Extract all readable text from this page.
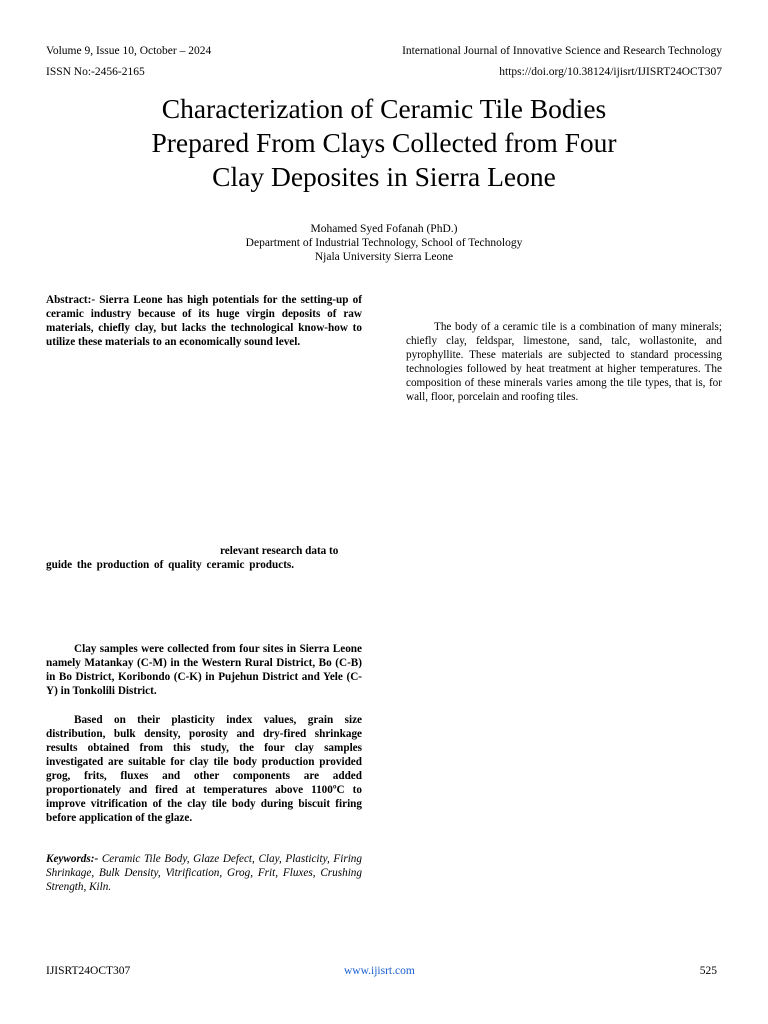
Volume 9, Issue 10, October – 2024	International Journal of Innovative Science and Research Technology
ISSN No:-2456-2165	https://doi.org/10.38124/ijisrt/IJISRT24OCT307
Characterization of Ceramic Tile Bodies
Prepared From Clays Collected from Four
Clay Deposites in Sierra Leone
Mohamed Syed Fofanah (PhD.)
Department of Industrial Technology, School of Technology
Njala University Sierra Leone
Abstract:- Sierra Leone has high potentials for the setting-up of ceramic industry because of its huge virgin deposits of raw materials, chiefly clay, but lacks the technological know-how to utilize these materials to an economically sound level.
relevant research data to
guide the production of quality ceramic products.
Clay samples were collected from four sites in Sierra Leone namely Matankay (C-M) in the Western Rural District, Bo (C-B) in Bo District, Koribondo (C-K) in Pujehun District and Yele (C-Y) in Tonkolili District.
Based on their plasticity index values, grain size distribution, bulk density, porosity and dry-fired shrinkage results obtained from this study, the four clay samples investigated are suitable for clay tile body production provided grog, frits, fluxes and other components are added proportionately and fired at temperatures above 1100ºC to improve vitrification of the clay tile body during biscuit firing before application of the glaze.
Keywords:- Ceramic Tile Body, Glaze Defect, Clay, Plasticity, Firing Shrinkage, Bulk Density, Vitrification, Grog, Frit, Fluxes, Crushing Strength, Kiln.
The body of a ceramic tile is a combination of many minerals; chiefly clay, feldspar, limestone, sand, talc, wollastonite, and pyrophyllite. These materials are subjected to standard processing technologies followed by heat treatment at higher temperatures. The composition of these minerals varies among the tile types, that is, for wall, floor, porcelain and roofing tiles.
IJISRT24OCT307	www.ijisrt.com	525
